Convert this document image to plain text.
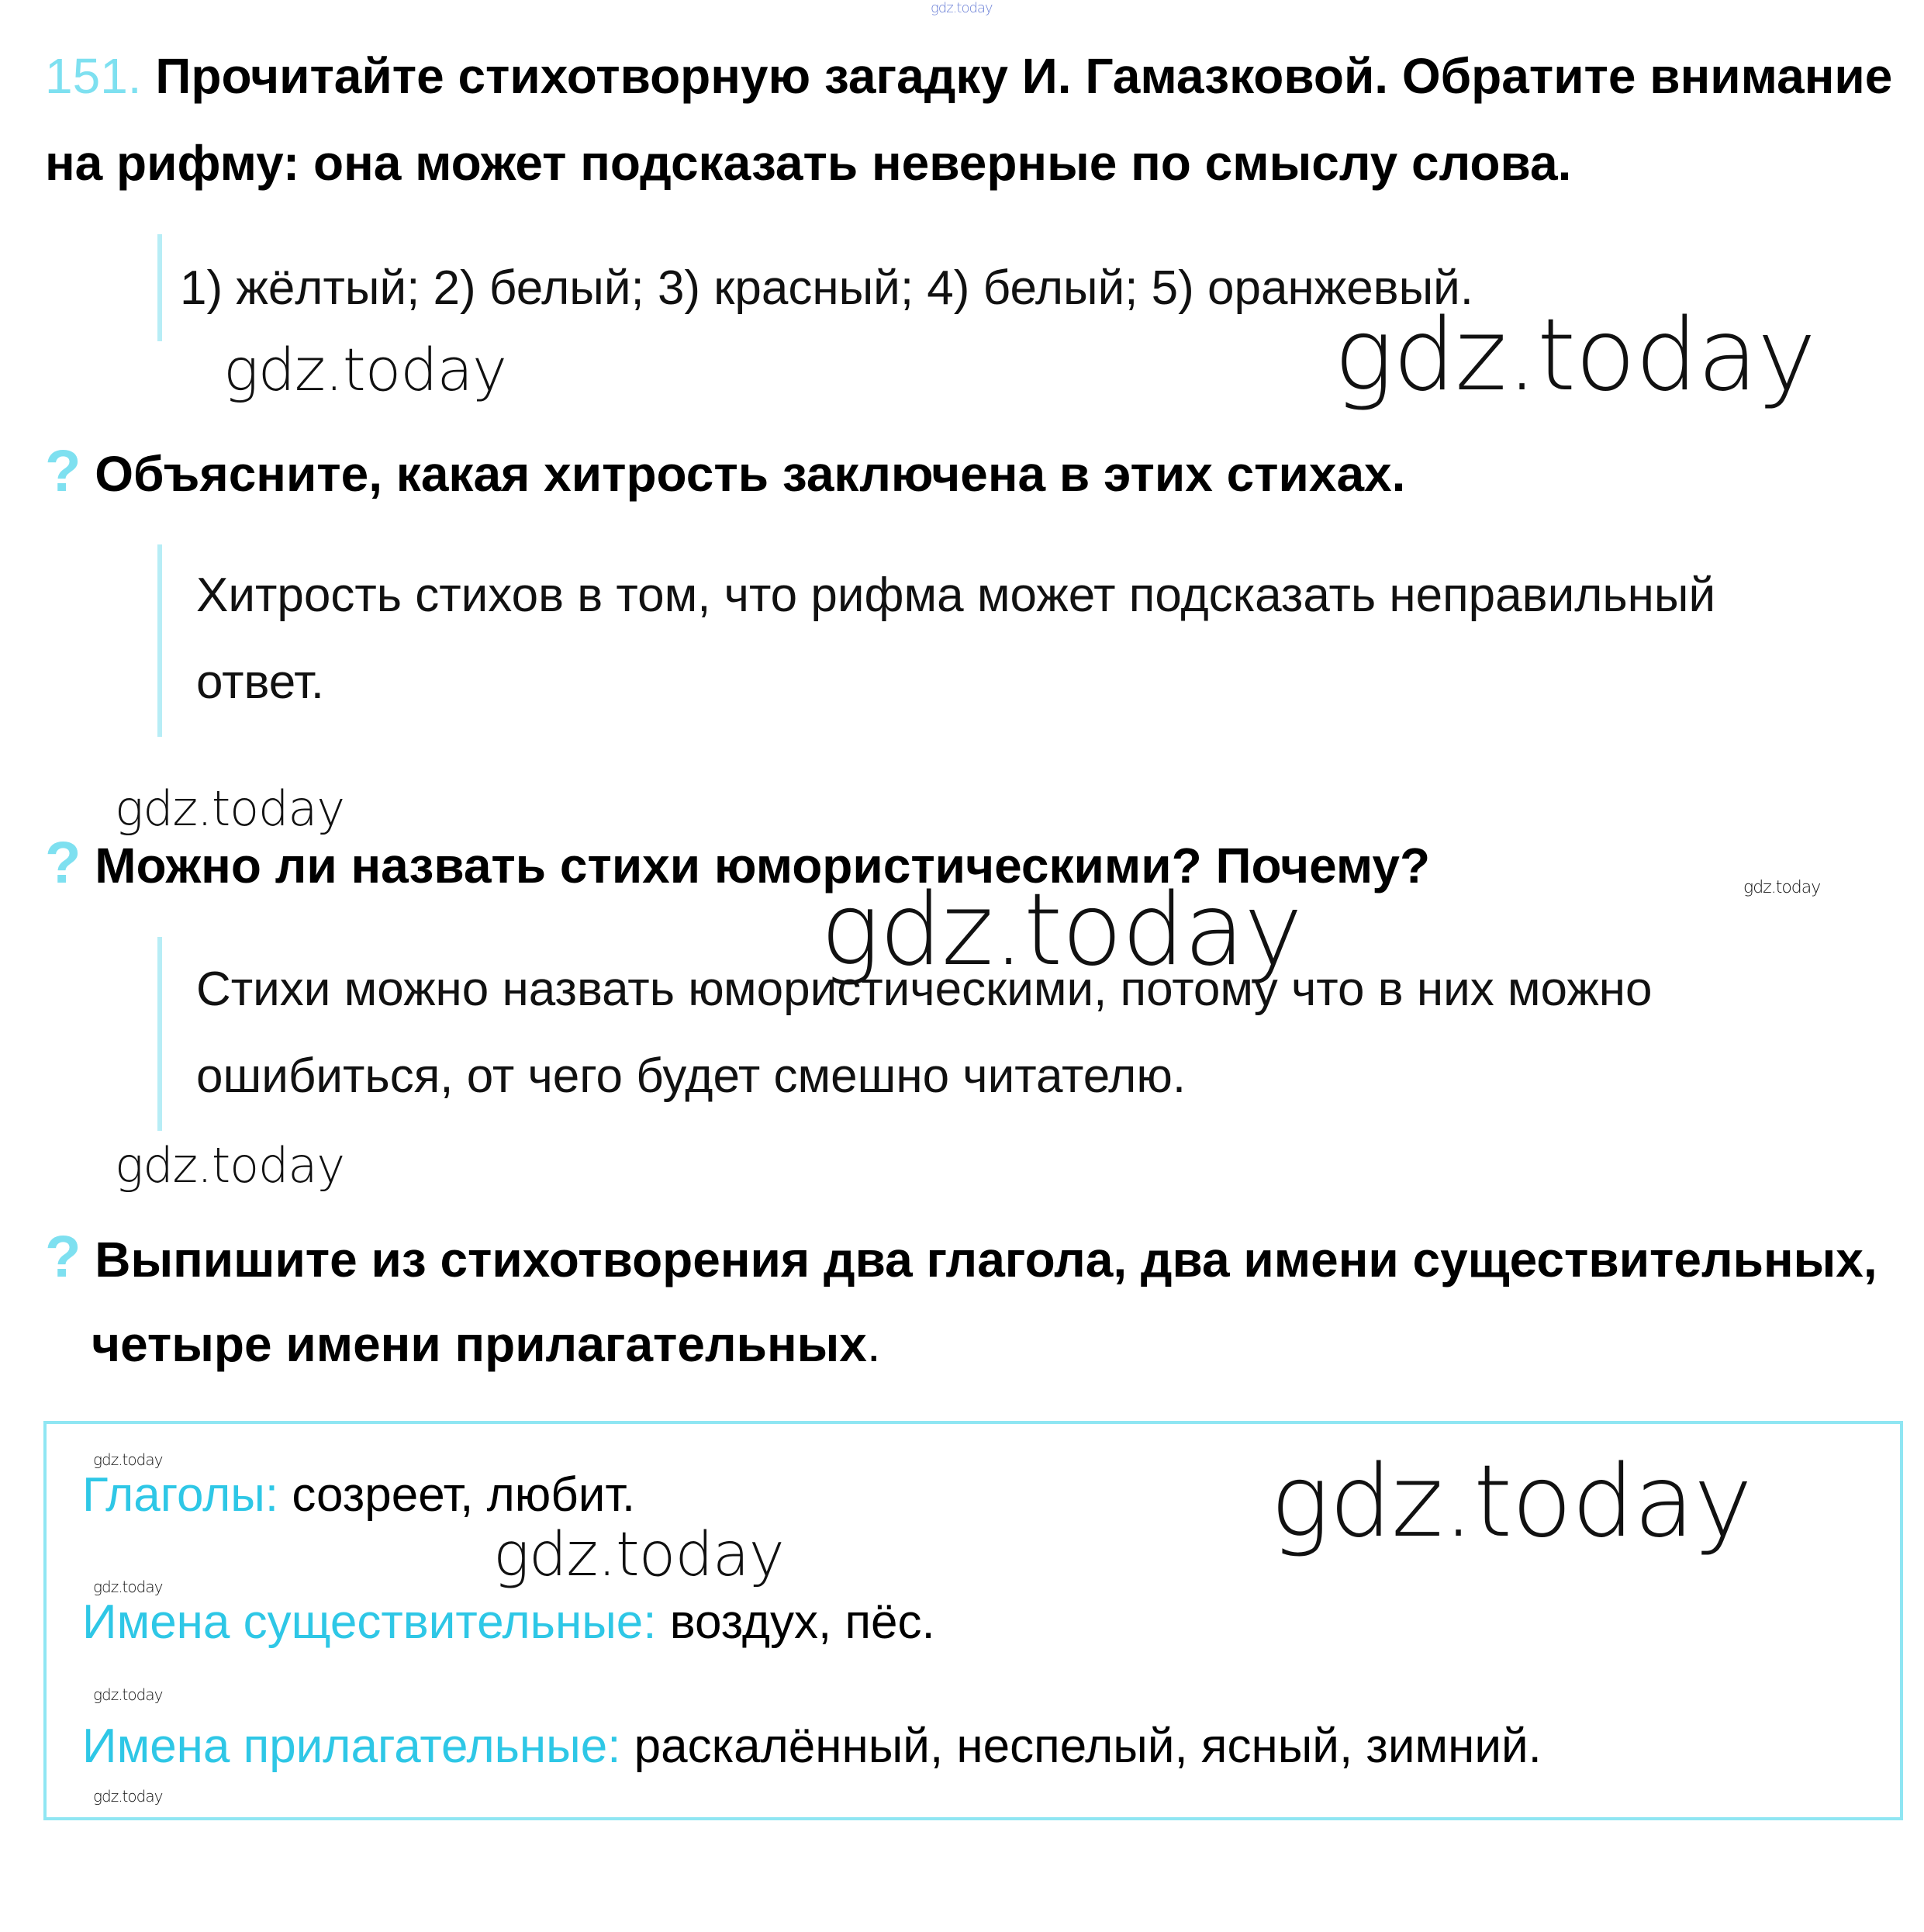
gdz.today
151. Прочитайте стихотворную загадку И. Гамазковой. Обратите внимание
на рифму: она может подсказать неверные по смыслу слова.
1) жёлтый; 2) белый; 3) красный; 4) белый; 5) оранжевый.
gdz.today	gdz.today
? Объясните, какая хитрость заключена в этих стихах.
Хитрость стихов в том, что рифма может подсказать неправильный
ответ.
gdz.today
? Можно ли назвать стихи юмористическими? Почему?	gdz.today
Стихи можно назвать юмористическими, потому что в них можно
ошибиться, от чего будет смешно читателю.
gdz.today
gdz.today
? Выпишите из стихотворения два глагола, два имени существительных,
четыре имени прилагательных.
gdz.today
Глаголы: созреет, любит.	gdz.today
gdz.today
gdz.today
Имена существительные: воздух, пёс.
gdz.today
Имена прилагательные: раскалённый, неспелый, ясный, зимний.
gdz.today
